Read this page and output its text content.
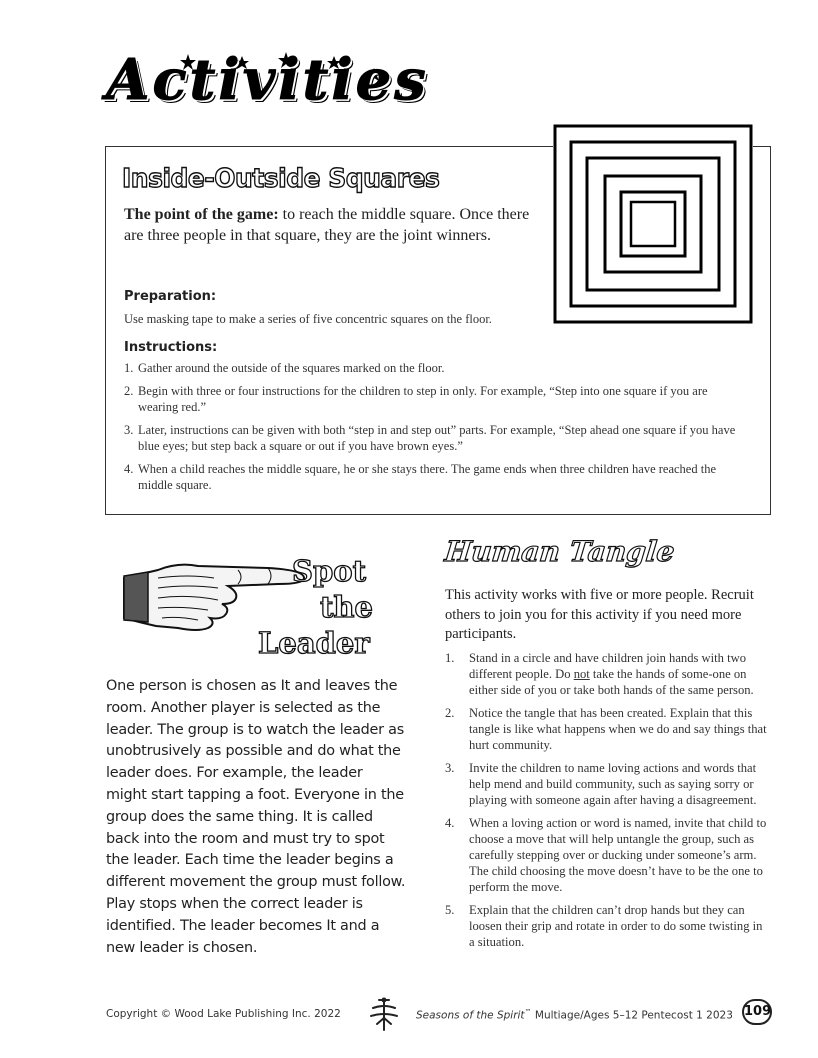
Activities
Inside-Outside Squares
The point of the game: to reach the middle square. Once there are three people in that square, they are the joint winners.
Preparation:
Use masking tape to make a series of five concentric squares on the floor.
Instructions:
1. Gather around the outside of the squares marked on the floor.
2. Begin with three or four instructions for the children to step in only. For example, “Step into one square if you are wearing red.”
3. Later, instructions can be given with both “step in and step out” parts. For example, “Step ahead one square if you have blue eyes; but step back a square or out if you have brown eyes.”
4. When a child reaches the middle square, he or she stays there. The game ends when three children have reached the middle square.
Spot
the
Leader
One person is chosen as It and leaves the room. Another player is selected as the leader. The group is to watch the leader as unobtrusively as possible and do what the leader does. For example, the leader might start tapping a foot. Everyone in the group does the same thing. It is called back into the room and must try to spot the leader. Each time the leader begins a different movement the group must follow. Play stops when the correct leader is identified. The leader becomes It and a new leader is chosen.
Human Tangle
This activity works with five or more people. Recruit others to join you for this activity if you need more participants.
1. Stand in a circle and have children join hands with two different people. Do not take the hands of some-one on either side of you or take both hands of the same person.
2. Notice the tangle that has been created. Explain that this tangle is like what happens when we do and say things that hurt community.
3. Invite the children to name loving actions and words that help mend and build community, such as saying sorry or playing with someone again after having a disagreement.
4. When a loving action or word is named, invite that child to choose a move that will help untangle the group, such as carefully stepping over or ducking under someone’s arm. The child choosing the move doesn’t have to be the one to perform the move.
5. Explain that the children can’t drop hands but they can loosen their grip and rotate in order to do some twisting in a situation.
Copyright © Wood Lake Publishing Inc. 2022	Seasons of the Spirit™ Multiage/Ages 5–12 Pentecost 1 2023 109
